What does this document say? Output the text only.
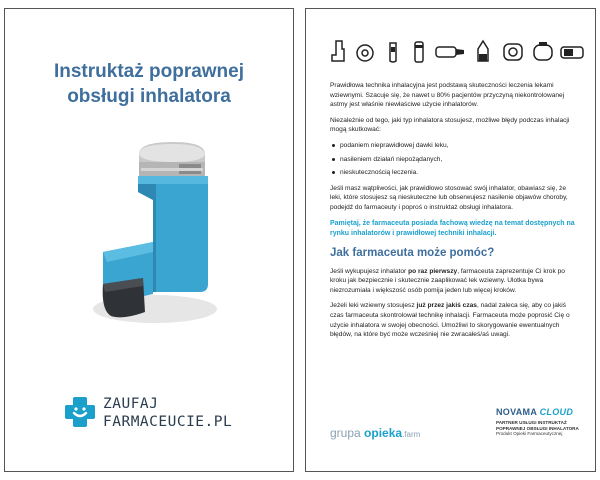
Instruktaż poprawnej
obsługi inhalatora
ZAUFAJ
FARMACEUCIE.PL

Prawidłowa technika inhalacyjna jest podstawą skuteczności leczenia lekami wziewnymi. Szacuje się, że nawet u 80% pacjentów przyczyną niekontrolowanej astmy jest właśnie niewłaściwe użycie inhalatorów.

Niezależnie od tego, jaki typ inhalatora stosujesz, możliwe błędy podczas inhalacji mogą skutkować:

podaniem nieprawidłowej dawki leku,
nasileniem działań niepożądanych,
nieskutecznością leczenia.

Jeśli masz wątpliwości, jak prawidłowo stosować swój inhalator, obawiasz się, że leki, które stosujesz są nieskuteczne lub obserwujesz nasilenie objawów choroby, podejdź do farmaceuty i poproś o instruktaż obsługi inhalatora.

Pamiętaj, że farmaceuta posiada fachową wiedzę na temat dostępnych na rynku inhalatorów i prawidłowej techniki inhalacji.

Jak farmaceuta może pomóc?

Jeśli wykupujesz inhalator po raz pierwszy, farmaceuta zaprezentuje Ci krok po kroku jak bezpiecznie i skutecznie zaaplikować lek wziewny. Ulotka bywa niezrozumiała i większość osób pomija jeden lub więcej kroków.

Jeżeli leki wziewny stosujesz już przez jakiś czas, nadal zaleca się, aby co jakiś czas farmaceuta skontrolował technikę inhalacji. Farmaceuta może poprosić Cię o użycie inhalatora w swojej obecności. Umożliwi to skorygowanie ewentualnych błędów, na które być może wcześniej nie zwracałeś/aś uwagi.

grupa opieka.farm
NOVAMA CLOUD
PARTNER USŁUGI INSTRUKTAŻ
POPRAWNEJ OBSŁUGI INHALATORA
Produkt Opieki Farmaceutycznej
